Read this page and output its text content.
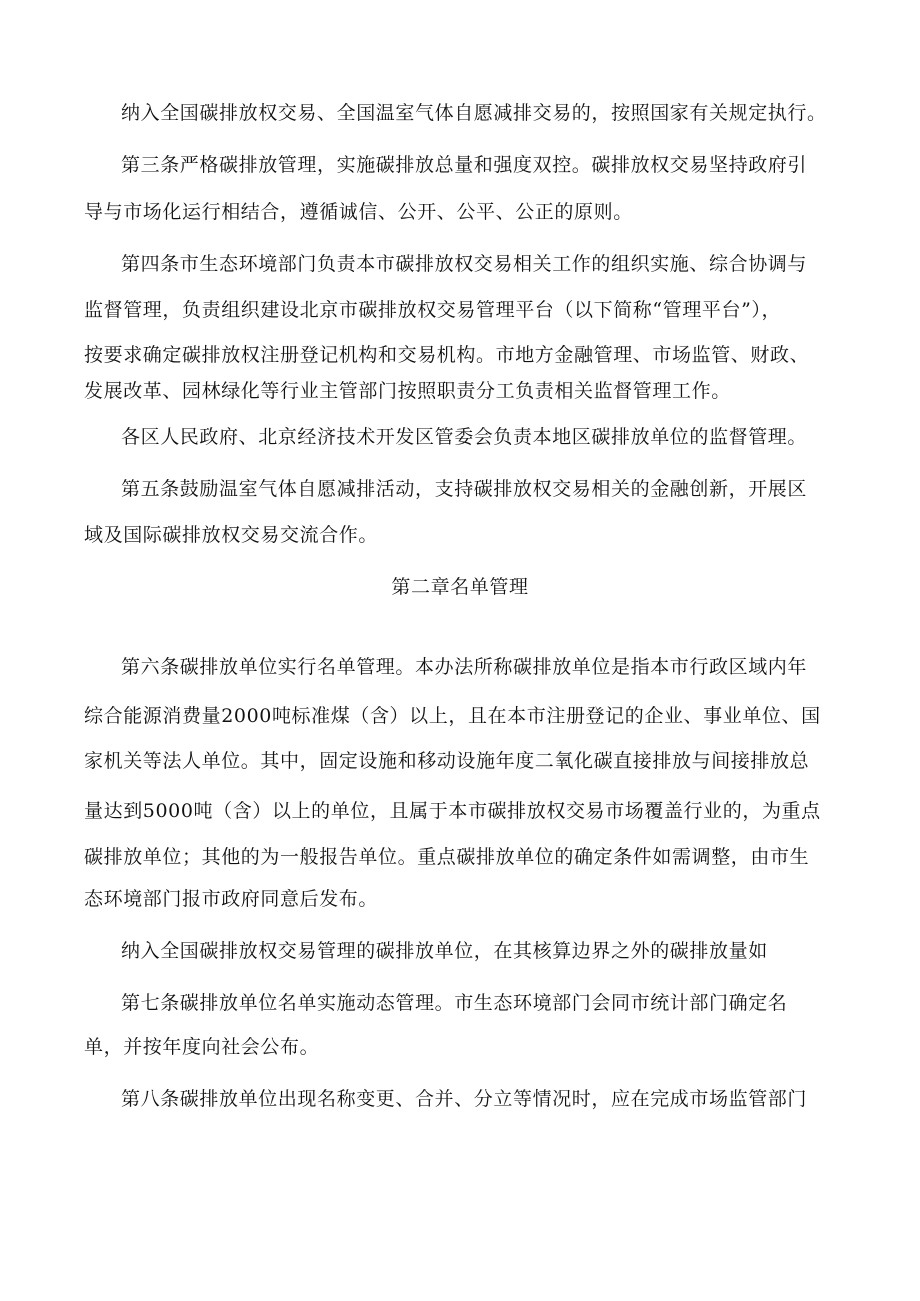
纳入全国碳排放权交易、全国温室气体自愿减排交易的，按照国家有关规定执行。
第三条严格碳排放管理，实施碳排放总量和强度双控。碳排放权交易坚持政府引
导与市场化运行相结合，遵循诚信、公开、公平、公正的原则。
第四条市生态环境部门负责本市碳排放权交易相关工作的组织实施、综合协调与
监督管理，负责组织建设北京市碳排放权交易管理平台（以下简称“管理平台”），
按要求确定碳排放权注册登记机构和交易机构。市地方金融管理、市场监管、财政、
发展改革、园林绿化等行业主管部门按照职责分工负责相关监督管理工作。
各区人民政府、北京经济技术开发区管委会负责本地区碳排放单位的监督管理。
第五条鼓励温室气体自愿减排活动，支持碳排放权交易相关的金融创新，开展区
域及国际碳排放权交易交流合作。
第二章名单管理
第六条碳排放单位实行名单管理。本办法所称碳排放单位是指本市行政区域内年
综合能源消费量2000吨标准煤（含）以上，且在本市注册登记的企业、事业单位、国
家机关等法人单位。其中，固定设施和移动设施年度二氧化碳直接排放与间接排放总
量达到5000吨（含）以上的单位，且属于本市碳排放权交易市场覆盖行业的，为重点
碳排放单位；其他的为一般报告单位。重点碳排放单位的确定条件如需调整，由市生
态环境部门报市政府同意后发布。
纳入全国碳排放权交易管理的碳排放单位，在其核算边界之外的碳排放量如
第七条碳排放单位名单实施动态管理。市生态环境部门会同市统计部门确定名
单，并按年度向社会公布。
第八条碳排放单位出现名称变更、合并、分立等情况时，应在完成市场监管部门
